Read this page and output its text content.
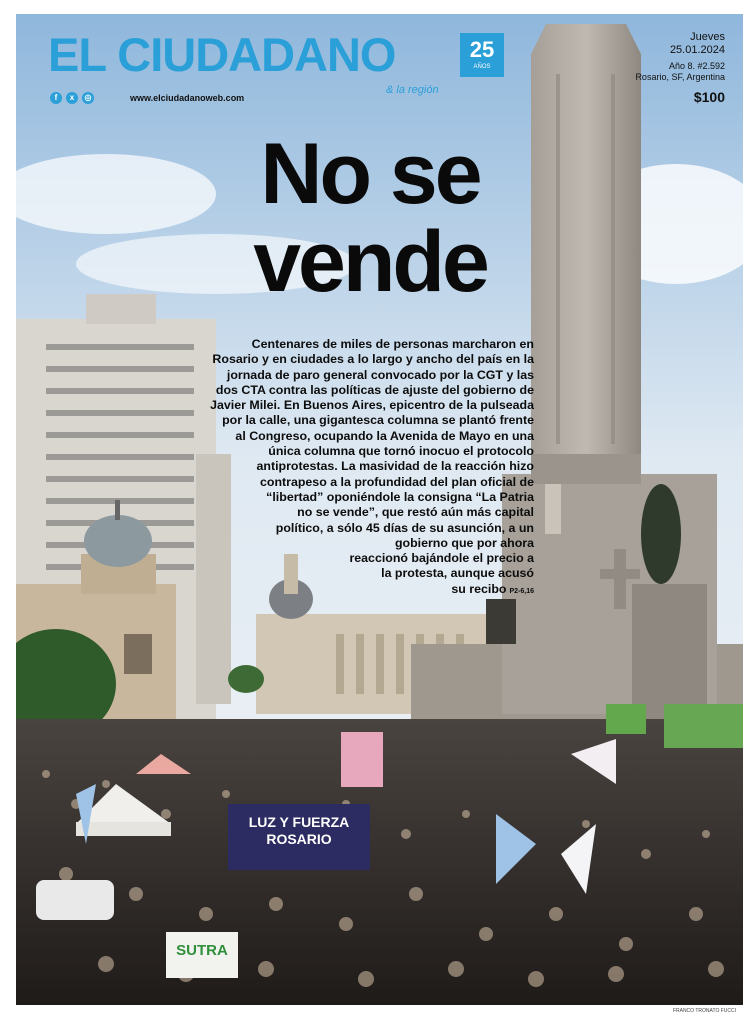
LUZ Y FUERZA ROSARIO
SUTRA
EL CIUDADANO	25
AÑOS
& la región
f	x	◎	www.elciudadanoweb.com
Jueves
25.01.2024
Año 8. #2.592
Rosario, SF, Argentina
$100
No se
vende
Centenares de miles de personas marcharon en
Rosario y en ciudades a lo largo y ancho del país en la
jornada de paro general convocado por la CGT y las
dos CTA contra las políticas de ajuste del gobierno de
Javier Milei. En Buenos Aires, epicentro de la pulseada
por la calle, una gigantesca columna se plantó frente
al Congreso, ocupando la Avenida de Mayo en una
única columna que tornó inocuo el protocolo
antiprotestas. La masividad de la reacción hizo
contrapeso a la profundidad del plan oficial de
“libertad” oponiéndole la consigna “La Patria
no se vende”, que restó aún más capital
político, a sólo 45 días de su asunción, a un
gobierno que por ahora
reaccionó bajándole el precio a
la protesta, aunque acusó
su recibo P2-6,16
FRANCO TRONATO FUCCI
